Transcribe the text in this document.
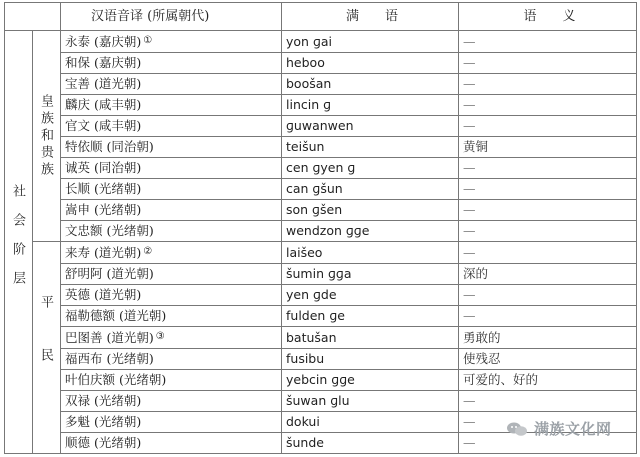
		汉语音译 (所属朝代)	满　　语	语　　义

社会阶层	皇族和贵族	永泰 (嘉庆朝) ①	yon ɡai	—
		和保 (嘉庆朝)	heboo	—
		宝善 (道光朝)	boošan	—
		麟庆 (咸丰朝)	lincin ɡ	—
		官文 (咸丰朝)	ɡuwanwen	—
		特依顺 (同治朝)	teišun	黄铜
		诚英 (同治朝)	cen ɡyen ɡ	—
		长顺 (光绪朝)	can ɡšun	—
		嵩申 (光绪朝)	son ɡšen	—
		文忠额 (光绪朝)	wendzon ɡɡe	—

	平民	来寿 (道光朝) ②	laišeo	—
		舒明阿 (道光朝)	šumin ɡɡa	深的
		英德 (道光朝)	yen ɡde	—
		福勒德额 (道光朝)	fulden ɡe	—
		巴图善 (道光朝) ③	batušan	勇敢的
		福西布 (光绪朝)	fusibu	使残忍
		叶伯庆额 (光绪朝)	yebcin ɡɡe	可爱的、好的
		双禄 (光绪朝)	šuwan ɡlu	—
		多魁 (光绪朝)	dokui	—
		顺德 (光绪朝)	šunde	—
满族文化网
